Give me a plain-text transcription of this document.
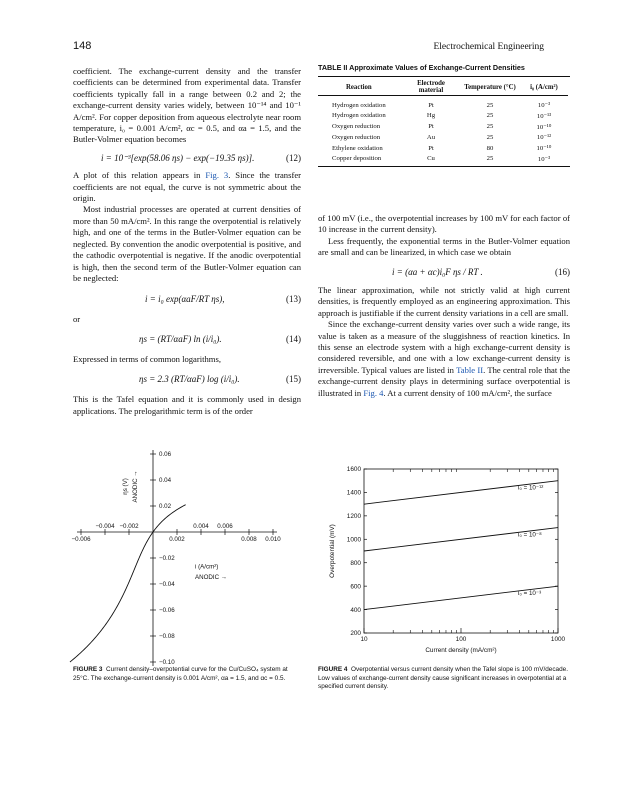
148	Electrochemical Engineering

coefficient. The exchange-current density and the transfer coefficients can be determined from experimental data. Transfer coefficients typically fall in a range between 0.2 and 2; the exchange-current density varies widely, between 10⁻¹⁴ and 10⁻¹ A/cm². For copper deposition from aqueous electrolyte near room temperature, i₀ = 0.001 A/cm², αc = 0.5, and αa = 1.5, and the Butler-Volmer equation becomes

i = 10⁻³[exp(58.06 ηs) − exp(−19.35 ηs)].	(12)

A plot of this relation appears in Fig. 3. Since the transfer coefficients are not equal, the curve is not symmetric about the origin.

Most industrial processes are operated at current densities of more than 50 mA/cm². In this range the overpotential is relatively high, and one of the terms in the Butler-Volmer equation can be neglected. By convention the anodic overpotential is positive, and the cathodic overpotential is negative. If the anodic overpotential is high, then the second term of the Butler-Volmer equation can be neglected:

i = i₀ exp(αaF/RT ηs),	(13)

or

ηs = (RT/αaF) ln (i/i₀).	(14)

Expressed in terms of common logarithms,

ηs = 2.3 (RT/αaF) log (i/i₀).	(15)

This is the Tafel equation and it is commonly used in design applications. The prelogarithmic term is of the order

TABLE II Approximate Values of Exchange-Current Densities
Reaction	Electrode material	Temperature (°C)	i₀ (A/cm²)
Hydrogen oxidation	Pt	25	10⁻³
Hydrogen oxidation	Hg	25	10⁻¹³
Oxygen reduction	Pt	25	10⁻¹⁰
Oxygen reduction	Au	25	10⁻¹²
Ethylene oxidation	Pt	80	10⁻¹⁰
Copper deposition	Cu	25	10⁻³

of 100 mV (i.e., the overpotential increases by 100 mV for each factor of 10 increase in the current density).

Less frequently, the exponential terms in the Butler-Volmer equation are small and can be linearized, in which case we obtain

i = (αa + αc)i₀F ηs / RT .	(16)

The linear approximation, while not strictly valid at high current densities, is frequently employed as an engineering approximation. This approach is justifiable if the current density variations in a cell are small.

Since the exchange-current density varies over such a wide range, its value is taken as a measure of the sluggishness of reaction kinetics. In this sense an electrode system with a high exchange-current density is considered reversible, and one with a low exchange-current density is irreversible. Typical values are listed in Table II. The central role that the exchange-current density plays in determining surface overpotential is illustrated in Fig. 4. At a current density of 100 mA/cm², the surface

−0.006
−0.004 −0.002
0.002
0.004 0.006
0.008 0.010
0.06
0.04
0.02
−0.02
−0.04
−0.06
−0.08
−0.10
ηs (V) ANODIC →
i (A/cm²)
ANODIC →
200
400
600
800
1000
1200
1400
1600
10	100	1000
Current density (mA/cm²)
Overpotential (mV)
i₀ = 10⁻¹²
i₀ = 10⁻⁸
i₀ = 10⁻³
FIGURE 3 Current density–overpotential curve for the Cu/CuSO₄ system at 25°C. The exchange-current density is 0.001 A/cm², αa = 1.5, and αc = 0.5.
FIGURE 4 Overpotential versus current density when the Tafel slope is 100 mV/decade. Low values of exchange-current density cause significant increases in overpotential at a specified current density.
